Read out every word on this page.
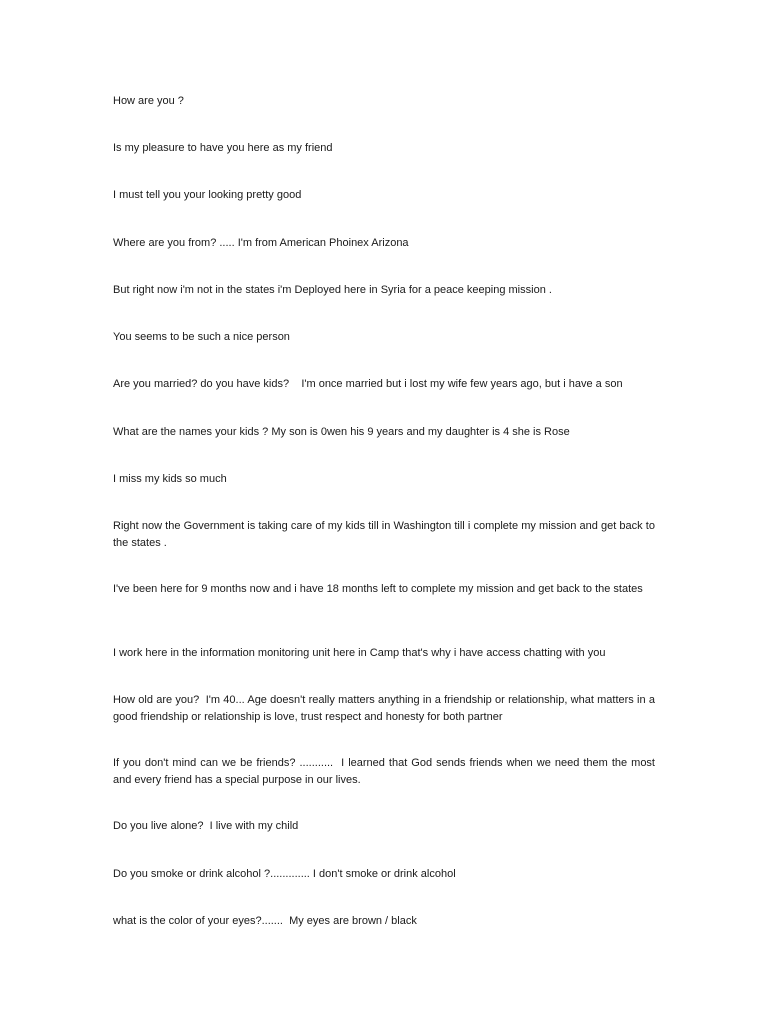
How are you ?

Is my pleasure to have you here as my friend

I must tell you your looking pretty good

Where are you from? ..... I'm from American Phoinex Arizona

But right now i'm not in the states i'm Deployed here in Syria for a peace keeping mission .

You seems to be such a nice person

Are you married? do you have kids?    I'm once married but i lost my wife few years ago, but i have a son

What are the names your kids ? My son is 0wen his 9 years and my daughter is 4 she is Rose

I miss my kids so much

Right now the Government is taking care of my kids till in Washington till i complete my mission and get back to the states .

I've been here for 9 months now and i have 18 months left to complete my mission and get back to the states

I work here in the information monitoring unit here in Camp that's why i have access chatting with you

How old are you?  I'm 40... Age doesn't really matters anything in a friendship or relationship, what matters in a good friendship or relationship is love, trust respect and honesty for both partner

If you don't mind can we be friends? ...........  I learned that God sends friends when we need them the most and every friend has a special purpose in our lives.

Do you live alone?  I live with my child

Do you smoke or drink alcohol ?............. I don't smoke or drink alcohol

what is the color of your eyes?.......  My eyes are brown / black
